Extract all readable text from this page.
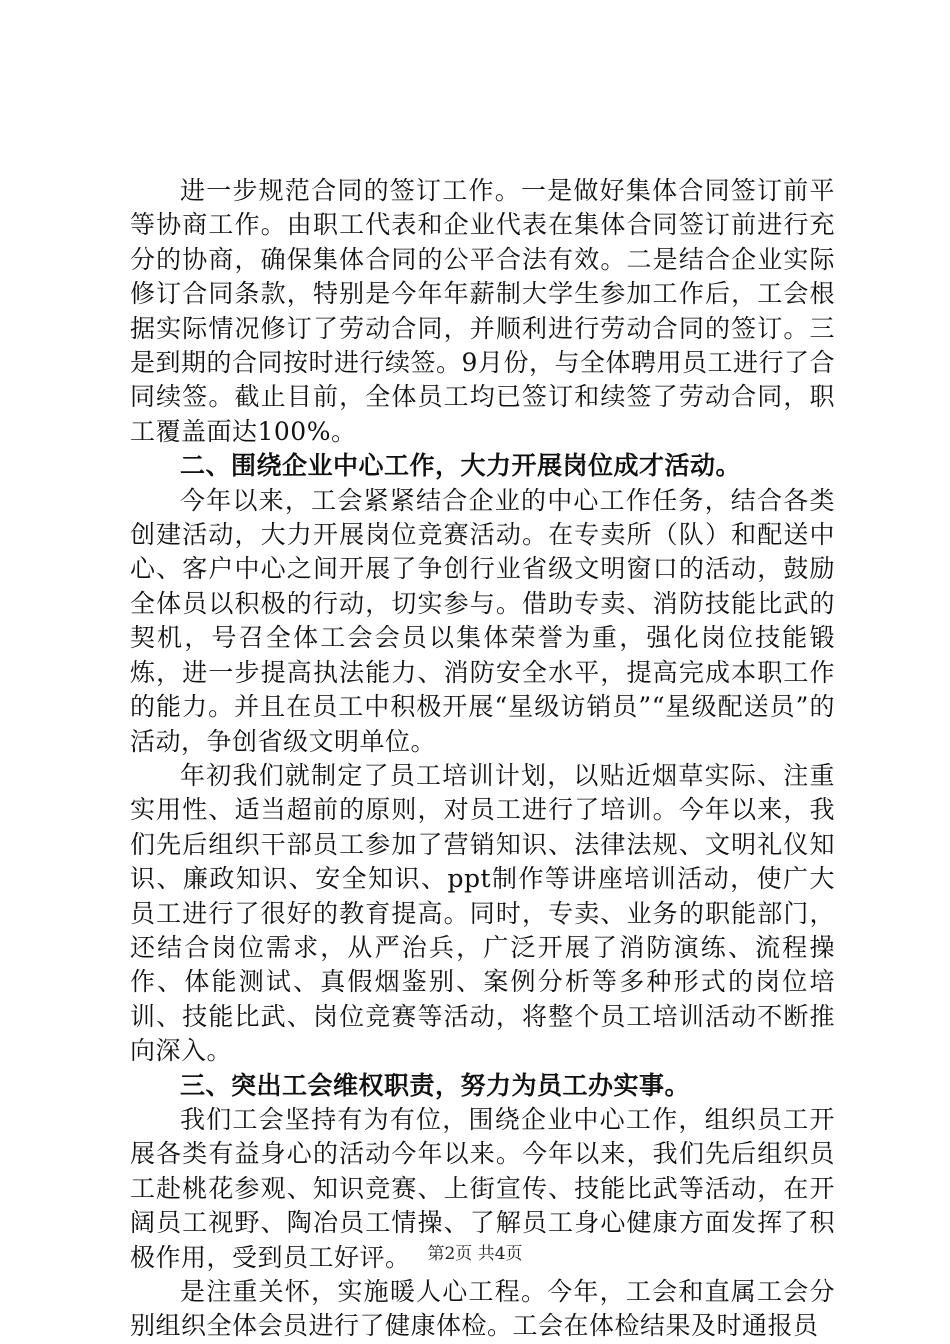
进一步规范合同的签订工作。一是做好集体合同签订前平等协商工作。由职工代表和企业代表在集体合同签订前进行充分的协商，确保集体合同的公平合法有效。二是结合企业实际修订合同条款，特别是今年年薪制大学生参加工作后，工会根据实际情况修订了劳动合同，并顺利进行劳动合同的签订。三是到期的合同按时进行续签。9月份，与全体聘用员工进行了合同续签。截止目前，全体员工均已签订和续签了劳动合同，职工覆盖面达100%。

二、围绕企业中心工作，大力开展岗位成才活动。

今年以来，工会紧紧结合企业的中心工作任务，结合各类创建活动，大力开展岗位竞赛活动。在专卖所（队）和配送中心、客户中心之间开展了争创行业省级文明窗口的活动，鼓励全体员以积极的行动，切实参与。借助专卖、消防技能比武的契机，号召全体工会会员以集体荣誉为重，强化岗位技能锻炼，进一步提高执法能力、消防安全水平，提高完成本职工作的能力。并且在员工中积极开展“星级访销员”“星级配送员”的活动，争创省级文明单位。

年初我们就制定了员工培训计划，以贴近烟草实际、注重实用性、适当超前的原则，对员工进行了培训。今年以来，我们先后组织干部员工参加了营销知识、法律法规、文明礼仪知识、廉政知识、安全知识、ppt制作等讲座培训活动，使广大员工进行了很好的教育提高。同时，专卖、业务的职能部门，还结合岗位需求，从严治兵，广泛开展了消防演练、流程操作、体能测试、真假烟鉴别、案例分析等多种形式的岗位培训、技能比武、岗位竞赛等活动，将整个员工培训活动不断推向深入。

三、突出工会维权职责，努力为员工办实事。

我们工会坚持有为有位，围绕企业中心工作，组织员工开展各类有益身心的活动今年以来。今年以来，我们先后组织员工赴桃花参观、知识竞赛、上街宣传、技能比武等活动，在开阔员工视野、陶冶员工情操、了解员工身心健康方面发挥了积极作用，受到员工好评。

是注重关怀，实施暖人心工程。今年，工会和直属工会分别组织全体会员进行了健康体检。工会在体检结果及时通报员

第2页 共4页
